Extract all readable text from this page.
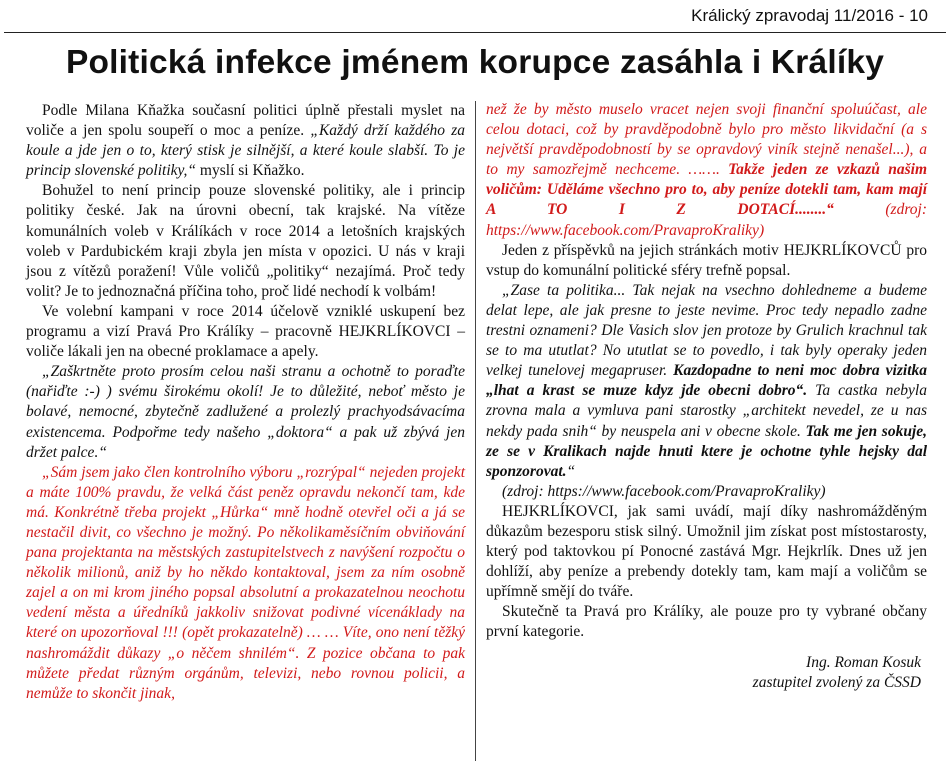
Králický zpravodaj 11/2016 - 10
Politická infekce jménem korupce zasáhla i Králíky

Podle Milana Kňažka současní politici úplně přestali myslet na voliče a jen spolu soupeří o moc a peníze. „Každý drží každého za koule a jde jen o to, který stisk je silnější, a které koule slabší. To je princip slovenské politiky,“ myslí si Kňažko.

Bohužel to není princip pouze slovenské politiky, ale i princip politiky české. Jak na úrovni obecní, tak krajské. Na vítěze komunálních voleb v Králíkách v roce 2014 a letošních krajských voleb v Pardubickém kraji zbyla jen místa v opozici. U nás v kraji jsou z vítězů poražení! Vůle voličů „politiky“ nezajímá. Proč tedy volit? Je to jednoznačná příčina toho, proč lidé nechodí k volbám!

Ve volební kampani v roce 2014 účelově vzniklé uskupení bez programu a vizí Pravá Pro Králíky – pracovně HEJKRLÍKOVCI – voliče lákali jen na obecné proklamace a apely.

„Zaškrtněte proto prosím celou naši stranu a ochotně to poraďte (nařiďte :-) ) svému širokému okolí! Je to důležité, neboť město je bolavé, nemocné, zbytečně zadlužené a prolezlý prachyodsávacíma existencema. Podpořme tedy našeho „doktora“ a pak už zbývá jen držet palce.“

„Sám jsem jako člen kontrolního výboru „rozrýpal“ nejeden projekt a máte 100% pravdu, že velká část peněz opravdu nekončí tam, kde má. Konkrétně třeba projekt „Hůrka“ mně hodně otevřel oči a já se nestačil divit, co všechno je možný. Po několikaměsíčním obviňování pana projektanta na městských zastupitelstvech z navýšení rozpočtu o několik milionů, aniž by ho někdo kontaktoval, jsem za ním osobně zajel a on mi krom jiného popsal absolutní a prokazatelnou neochotu vedení města a úředníků jakkoliv snižovat podivné vícenáklady na které on upozorňoval !!! (opět prokazatelně) … … Víte, ono není těžký nashromáždit důkazy „o něčem shnilém“. Z pozice občana to pak můžete předat různým orgánům, televizi, nebo rovnou policii, a nemůže to skončit jinak,

než že by město muselo vracet nejen svoji finanční spoluúčast, ale celou dotaci, což by pravděpodobně bylo pro město likvidační (a s největší pravděpodobností by se opravdový viník stejně nenašel...), a to my samozřejmě nechceme. ……. Takže jeden ze vzkazů našim voličům: Uděláme všechno pro to, aby peníze dotekli tam, kam mají A TO I Z DOTACÍ........“ (zdroj: https://www.facebook.com/PravaproKraliky)

Jeden z příspěvků na jejich stránkách motiv HEJKRLÍKOVCŮ pro vstup do komunální politické sféry trefně popsal.

„Zase ta politika... Tak nejak na vsechno dohledneme a budeme delat lepe, ale jak presne to jeste nevime. Proc tedy nepadlo zadne trestni oznameni? Dle Vasich slov jen protoze by Grulich krachnul tak se to ma ututlat? No ututlat se to povedlo, i tak byly operaky jeden velkej tunelovej megapruser. Kazdopadne to neni moc dobra vizitka „lhat a krast se muze kdyz jde obecni dobro“. Ta castka nebyla zrovna mala a vymluva pani starostky „architekt nevedel, ze u nas nekdy pada snih“ by neuspela ani v obecne skole. Tak me jen sokuje, ze se v Kralikach najde hnuti ktere je ochotne tyhle hejsky dal sponzorovat.“

(zdroj: https://www.facebook.com/PravaproKraliky)

HEJKRLÍKOVCI, jak sami uvádí, mají díky nashromážděným důkazům bezesporu stisk silný. Umožnil jim získat post místostarosty, který pod taktovkou pí Ponocné zastává Mgr. Hejkrlík. Dnes už jen dohlíží, aby peníze a prebendy dotekly tam, kam mají a voličům se upřímně smějí do tváře.

Skutečně ta Pravá pro Králíky, ale pouze pro ty vybrané občany první kategorie.

Ing. Roman Kosuk

zastupitel zvolený za ČSSD
